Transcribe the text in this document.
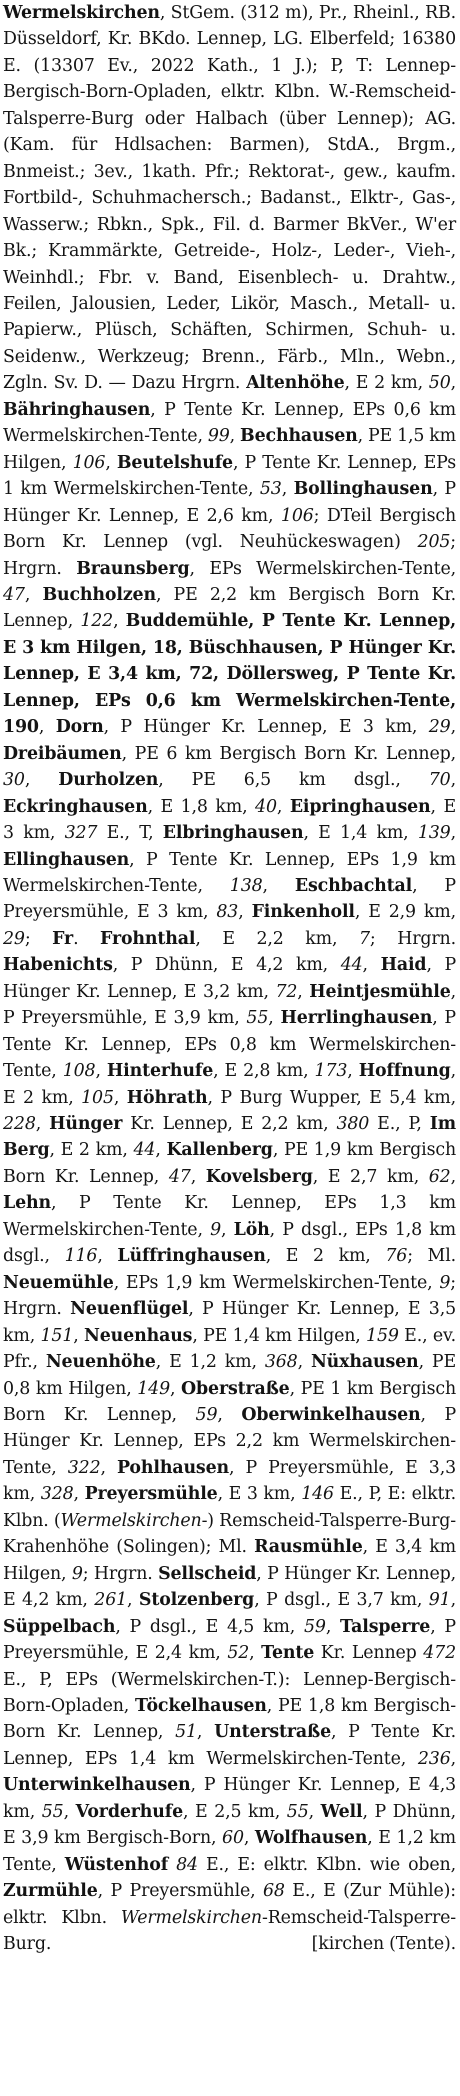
Wermelskirchen, StGem. (312 m), Pr., Rheinl., RB. Düsseldorf, Kr. BKdo. Lennep, LG. Elberfeld; 16380 E. (13307 Ev., 2022 Kath., 1 J.); P, T: Lennep-Bergisch-Born-Opladen, elktr. Klbn. W.-Remscheid-Talsperre-Burg oder Halbach (über Lennep); AG. (Kam. für Hdlsachen: Barmen), StdA., Brgm., Bnmeist.; 3ev., 1kath. Pfr.; Rektorat-, gew., kaufm. Fortbild-, Schuhmachersch.; Badanst., Elktr-, Gas-, Wasserw.; Rbkn., Spk., Fil. d. Barmer BkVer., W'er Bk.; Krammärkte, Getreide-, Holz-, Leder-, Vieh-, Weinhdl.; Fbr. v. Band, Eisenblech- u. Drahtw., Feilen, Jalousien, Leder, Likör, Masch., Metall- u. Papierw., Plüsch, Schäften, Schirmen, Schuh- u. Seidenw., Werkzeug; Brenn., Färb., Mln., Webn., Zgln. Sv. D. — Dazu Hrgrn. Altenhöhe, E 2 km, 50, Bähringhausen, P Tente Kr. Lennep, EPs 0,6 km Wermelskirchen-Tente, 99, Bechhausen, PE 1,5 km Hilgen, 106, Beutelshufe, P Tente Kr. Lennep, EPs 1 km Wermelskirchen-Tente, 53, Bollinghausen, P Hünger Kr. Lennep, E 2,6 km, 106; DTeil Bergisch Born Kr. Lennep (vgl. Neuhückeswagen) 205; Hrgrn. Braunsberg, EPs Wermelskirchen-Tente, 47, Buchholzen, PE 2,2 km Bergisch Born Kr. Lennep, 122, Buddemühle, P Tente Kr. Lennep, E 3 km Hilgen, 18, Büschhausen, P Hünger Kr. Lennep, E 3,4 km, 72, Döllersweg, P Tente Kr. Lennep, EPs 0,6 km Wermelskirchen-Tente, 190, Dorn, P Hünger Kr. Lennep, E 3 km, 29, Dreibäumen, PE 6 km Bergisch Born Kr. Lennep, 30, Durholzen, PE 6,5 km dsgl., 70, Eckringhausen, E 1,8 km, 40, Eipringhausen, E 3 km, 327 E., T, Elbringhausen, E 1,4 km, 139, Ellinghausen, P Tente Kr. Lennep, EPs 1,9 km Wermelskirchen-Tente, 138, Eschbachtal, P Preyersmühle, E 3 km, 83, Finkenholl, E 2,9 km, 29; Fr. Frohnthal, E 2,2 km, 7; Hrgrn. Habenichts, P Dhünn, E 4,2 km, 44, Haid, P Hünger Kr. Lennep, E 3,2 km, 72, Heintjesmühle, P Preyersmühle, E 3,9 km, 55, Herrlinghausen, P Tente Kr. Lennep, EPs 0,8 km Wermelskirchen-Tente, 108, Hinterhufe, E 2,8 km, 173, Hoffnung, E 2 km, 105, Höhrath, P Burg Wupper, E 5,4 km, 228, Hünger Kr. Lennep, E 2,2 km, 380 E., P, Im Berg, E 2 km, 44, Kallenberg, PE 1,9 km Bergisch Born Kr. Lennep, 47, Kovelsberg, E 2,7 km, 62, Lehn, P Tente Kr. Lennep, EPs 1,3 km Wermelskirchen-Tente, 9, Löh, P dsgl., EPs 1,8 km dsgl., 116, Lüffringhausen, E 2 km, 76; Ml. Neuemühle, EPs 1,9 km Wermelskirchen-Tente, 9; Hrgrn. Neuenflügel, P Hünger Kr. Lennep, E 3,5 km, 151, Neuenhaus, PE 1,4 km Hilgen, 159 E., ev. Pfr., Neuenhöhe, E 1,2 km, 368, Nüxhausen, PE 0,8 km Hilgen, 149, Oberstraße, PE 1 km Bergisch Born Kr. Lennep, 59, Oberwinkelhausen, P Hünger Kr. Lennep, EPs 2,2 km Wermelskirchen-Tente, 322, Pohlhausen, P Preyersmühle, E 3,3 km, 328, Preyersmühle, E 3 km, 146 E., P, E: elktr. Klbn. (Wermelskirchen-) Remscheid-Talsperre-Burg-Krahenhöhe (Solingen); Ml. Rausmühle, E 3,4 km Hilgen, 9; Hrgrn. Sellscheid, P Hünger Kr. Lennep, E 4,2 km, 261, Stolzenberg, P dsgl., E 3,7 km, 91, Süppelbach, P dsgl., E 4,5 km, 59, Talsperre, P Preyersmühle, E 2,4 km, 52, Tente Kr. Lennep 472 E., P, EPs (Wermelskirchen-T.): Lennep-Bergisch-Born-Opladen, Töckelhausen, PE 1,8 km Bergisch-Born Kr. Lennep, 51, Unterstraße, P Tente Kr. Lennep, EPs 1,4 km Wermelskirchen-Tente, 236, Unterwinkelhausen, P Hünger Kr. Lennep, E 4,3 km, 55, Vorderhufe, E 2,5 km, 55, Well, P Dhünn, E 3,9 km Bergisch-Born, 60, Wolfhausen, E 1,2 km Tente, Wüstenhof 84 E., E: elktr. Klbn. wie oben, Zurmühle, P Preyersmühle, 68 E., E (Zur Mühle): elktr. Klbn. Wermelskirchen-Remscheid-Talsperre-Burg.	[kirchen (Tente).
